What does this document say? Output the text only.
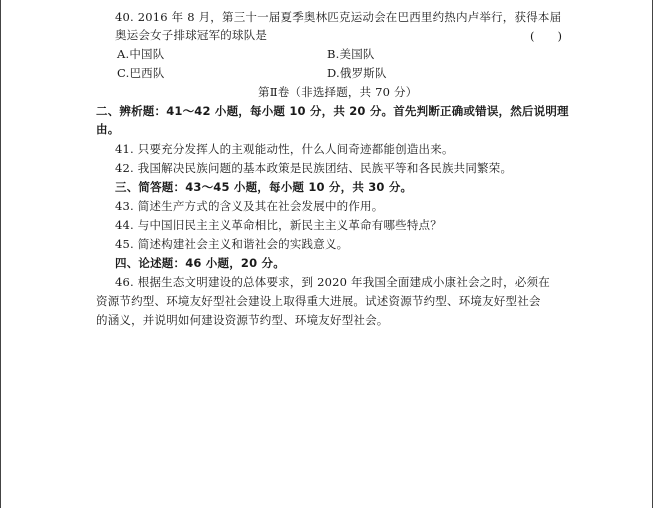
40. 2016 年 8 月，第三十一届夏季奥林匹克运动会在巴西里约热内卢举行，获得本届
奥运会女子排球冠军的球队是	(　　)
A.中国队	B.美国队
C.巴西队	D.俄罗斯队
第Ⅱ卷（非选择题，共 70 分）
二、辨析题：41～42 小题，每小题 10 分，共 20 分。首先判断正确或错误，然后说明理
由。
41. 只要充分发挥人的主观能动性，什么人间奇迹都能创造出来。
42. 我国解决民族问题的基本政策是民族团结、民族平等和各民族共同繁荣。
三、简答题：43～45 小题，每小题 10 分，共 30 分。
43. 简述生产方式的含义及其在社会发展中的作用。
44. 与中国旧民主主义革命相比，新民主主义革命有哪些特点？
45. 简述构建社会主义和谐社会的实践意义。
四、论述题：46 小题，20 分。
46. 根据生态文明建设的总体要求，到 2020 年我国全面建成小康社会之时，必须在
资源节约型、环境友好型社会建设上取得重大进展。试述资源节约型、环境友好型社会
的涵义，并说明如何建设资源节约型、环境友好型社会。
